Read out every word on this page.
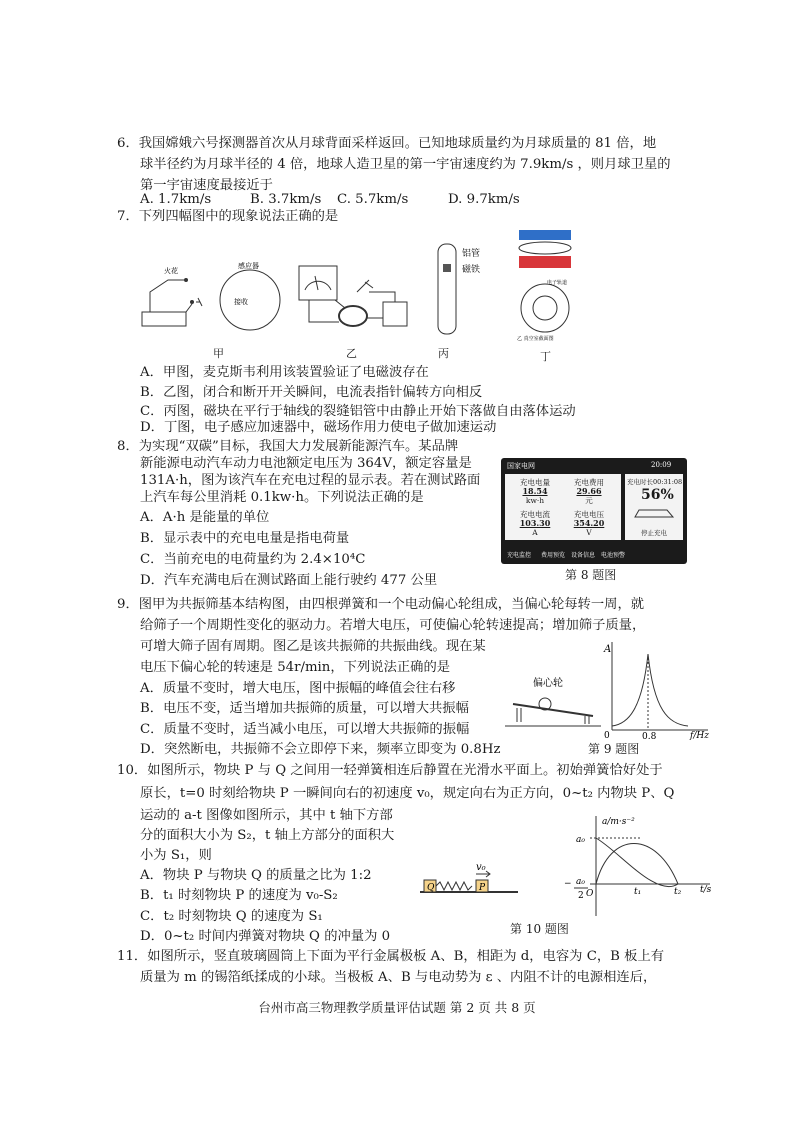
6．我国嫦娥六号探测器首次从月球背面采样返回。已知地球质量约为月球质量的 81 倍，地
球半径约为月球半径的 4 倍，地球人造卫星的第一宇宙速度约为 7.9km/s ，则月球卫星的
第一宇宙速度最接近于
A. 1.7km/s	B. 3.7km/s C. 5.7km/s	D. 9.7km/s
7．下列四幅图中的现象说法正确的是
火花
感应器
接收
甲	乙
铝管
磁铁
丙
电子轨道
乙 真空室截面图
丁
A．甲图，麦克斯韦利用该装置验证了电磁波存在
B．乙图，闭合和断开开关瞬间，电流表指针偏转方向相反
C．丙图，磁块在平行于轴线的裂缝铝管中由静止开始下落做自由落体运动
D．丁图，电子感应加速器中，磁场作用力使电子做加速运动
8．为实现“双碳”目标，我国大力发展新能源汽车。某品牌
新能源电动汽车动力电池额定电压为 364V，额定容量是
131A·h，图为该汽车在充电过程的显示表。若在测试路面
上汽车每公里消耗 0.1kw·h。下列说法正确的是
A．A·h 是能量的单位
B．显示表中的充电电量是指电荷量
C．当前充电的电荷量约为 2.4×10⁴C
D．汽车充满电后在测试路面上能行驶约 477 公里
国家电网	20:09
充电电量
18.54
kw·h
充电费用
29.66
元
充电电流
103.30
A
充电电压
354.20
V
充电时长00:31:08
56%
停止充电
充电监控 费用预览 设备信息 电池预警
第 8 题图
9．图甲为共振筛基本结构图，由四根弹簧和一个电动偏心轮组成，当偏心轮每转一周，就
给筛子一个周期性变化的驱动力。若增大电压，可使偏心轮转速提高；增加筛子质量，
可增大筛子固有周期。图乙是该共振筛的共振曲线。现在某
电压下偏心轮的转速是 54r/min，下列说法正确的是
A．质量不变时，增大电压，图中振幅的峰值会往右移
B．电压不变，适当增加共振筛的质量，可以增大共振幅
C．质量不变时，适当减小电压，可以增大共振筛的振幅
D．突然断电，共振筛不会立即停下来，频率立即变为 0.8Hz
偏心轮
A
0	0.8	f/Hz
第 9 题图
10．如图所示，物块 P 与 Q 之间用一轻弹簧相连后静置在光滑水平面上。初始弹簧恰好处于
原长，t=0 时刻给物块 P 一瞬间向右的初速度 v₀，规定向右为正方向，0~t₂ 内物块 P、Q
运动的 a-t 图像如图所示，其中 t 轴下方部
分的面积大小为 S₂，t 轴上方部分的面积大
小为 S₁，则
A．物块 P 与物块 Q 的质量之比为 1:2
B．t₁ 时刻物块 P 的速度为 v₀-S₂
C．t₂ 时刻物块 Q 的速度为 S₁
D．0~t₂ 时间内弹簧对物块 Q 的冲量为 0
Q	P
v₀
a/m·s⁻²
t/s
a₀
− a₀
2	t₁	t₂
O
第 10 题图
11．如图所示，竖直玻璃圆筒上下面为平行金属极板 A、B，相距为 d，电容为 C，B 板上有
质量为 m 的锡箔纸揉成的小球。当极板 A、B 与电动势为 ε 、内阻不计的电源相连后，
台州市高三物理教学质量评估试题 第 2 页 共 8 页
